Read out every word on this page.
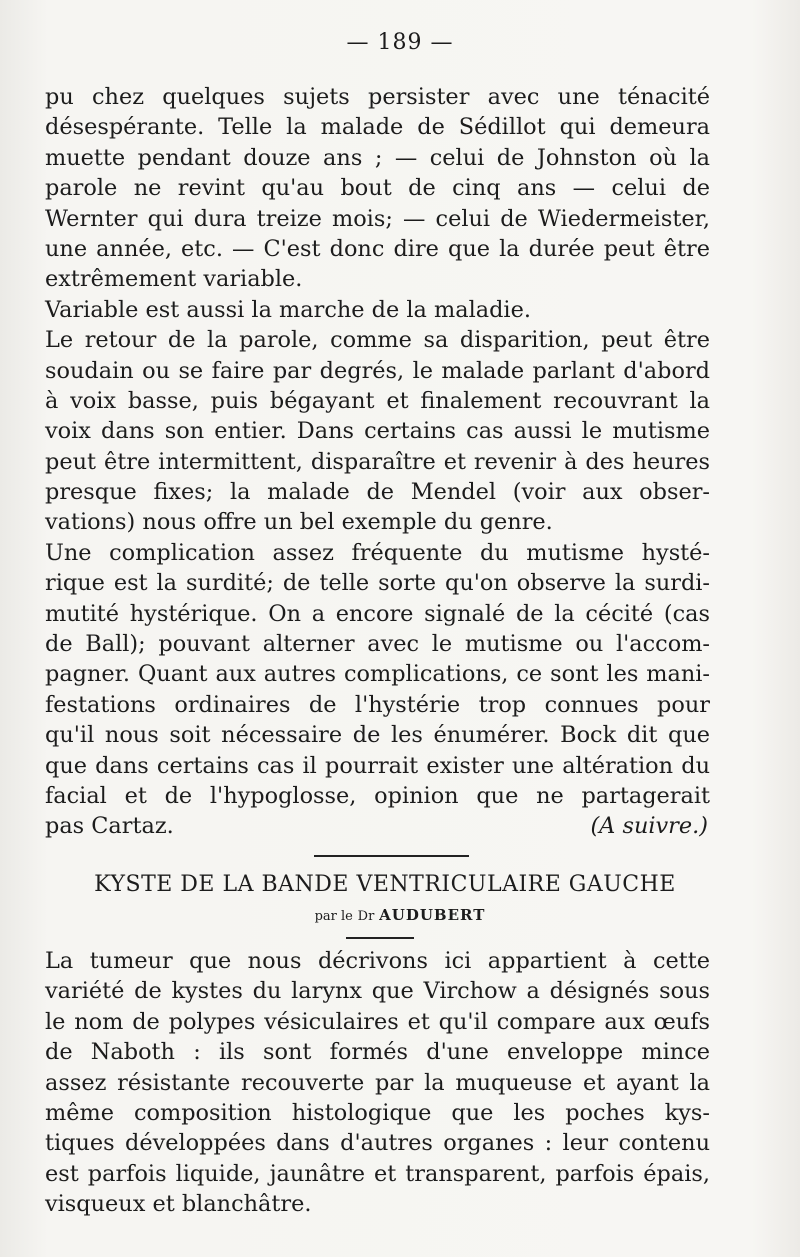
— 189 —
pu chez quelques sujets persister avec une ténacité
désespérante. Telle la malade de Sédillot qui demeura
muette pendant douze ans ; — celui de Johnston où la
parole ne revint qu'au bout de cinq ans — celui de
Wernter qui dura treize mois; — celui de Wiedermeister,
une année, etc. — C'est donc dire que la durée peut être
extrêmement variable.
Variable est aussi la marche de la maladie.
Le retour de la parole, comme sa disparition, peut être
soudain ou se faire par degrés, le malade parlant d'abord
à voix basse, puis bégayant et finalement recouvrant la
voix dans son entier. Dans certains cas aussi le mutisme
peut être intermittent, disparaître et revenir à des heures
presque fixes; la malade de Mendel (voir aux obser-
vations) nous offre un bel exemple du genre.
Une complication assez fréquente du mutisme hysté-
rique est la surdité; de telle sorte qu'on observe la surdi-
mutité hystérique. On a encore signalé de la cécité (cas
de Ball); pouvant alterner avec le mutisme ou l'accom-
pagner. Quant aux autres complications, ce sont les mani-
festations ordinaires de l'hystérie trop connues pour
qu'il nous soit nécessaire de les énumérer. Bock dit que
que dans certains cas il pourrait exister une altération du
facial et de l'hypoglosse, opinion que ne partagerait
pas Cartaz.	(A suivre.)
KYSTE DE LA BANDE VENTRICULAIRE GAUCHE
par le Dr AUDUBERT
La tumeur que nous décrivons ici appartient à cette
variété de kystes du larynx que Virchow a désignés sous
le nom de polypes vésiculaires et qu'il compare aux œufs
de Naboth : ils sont formés d'une enveloppe mince
assez résistante recouverte par la muqueuse et ayant la
même composition histologique que les poches kys-
tiques développées dans d'autres organes : leur contenu
est parfois liquide, jaunâtre et transparent, parfois épais,
visqueux et blanchâtre.
